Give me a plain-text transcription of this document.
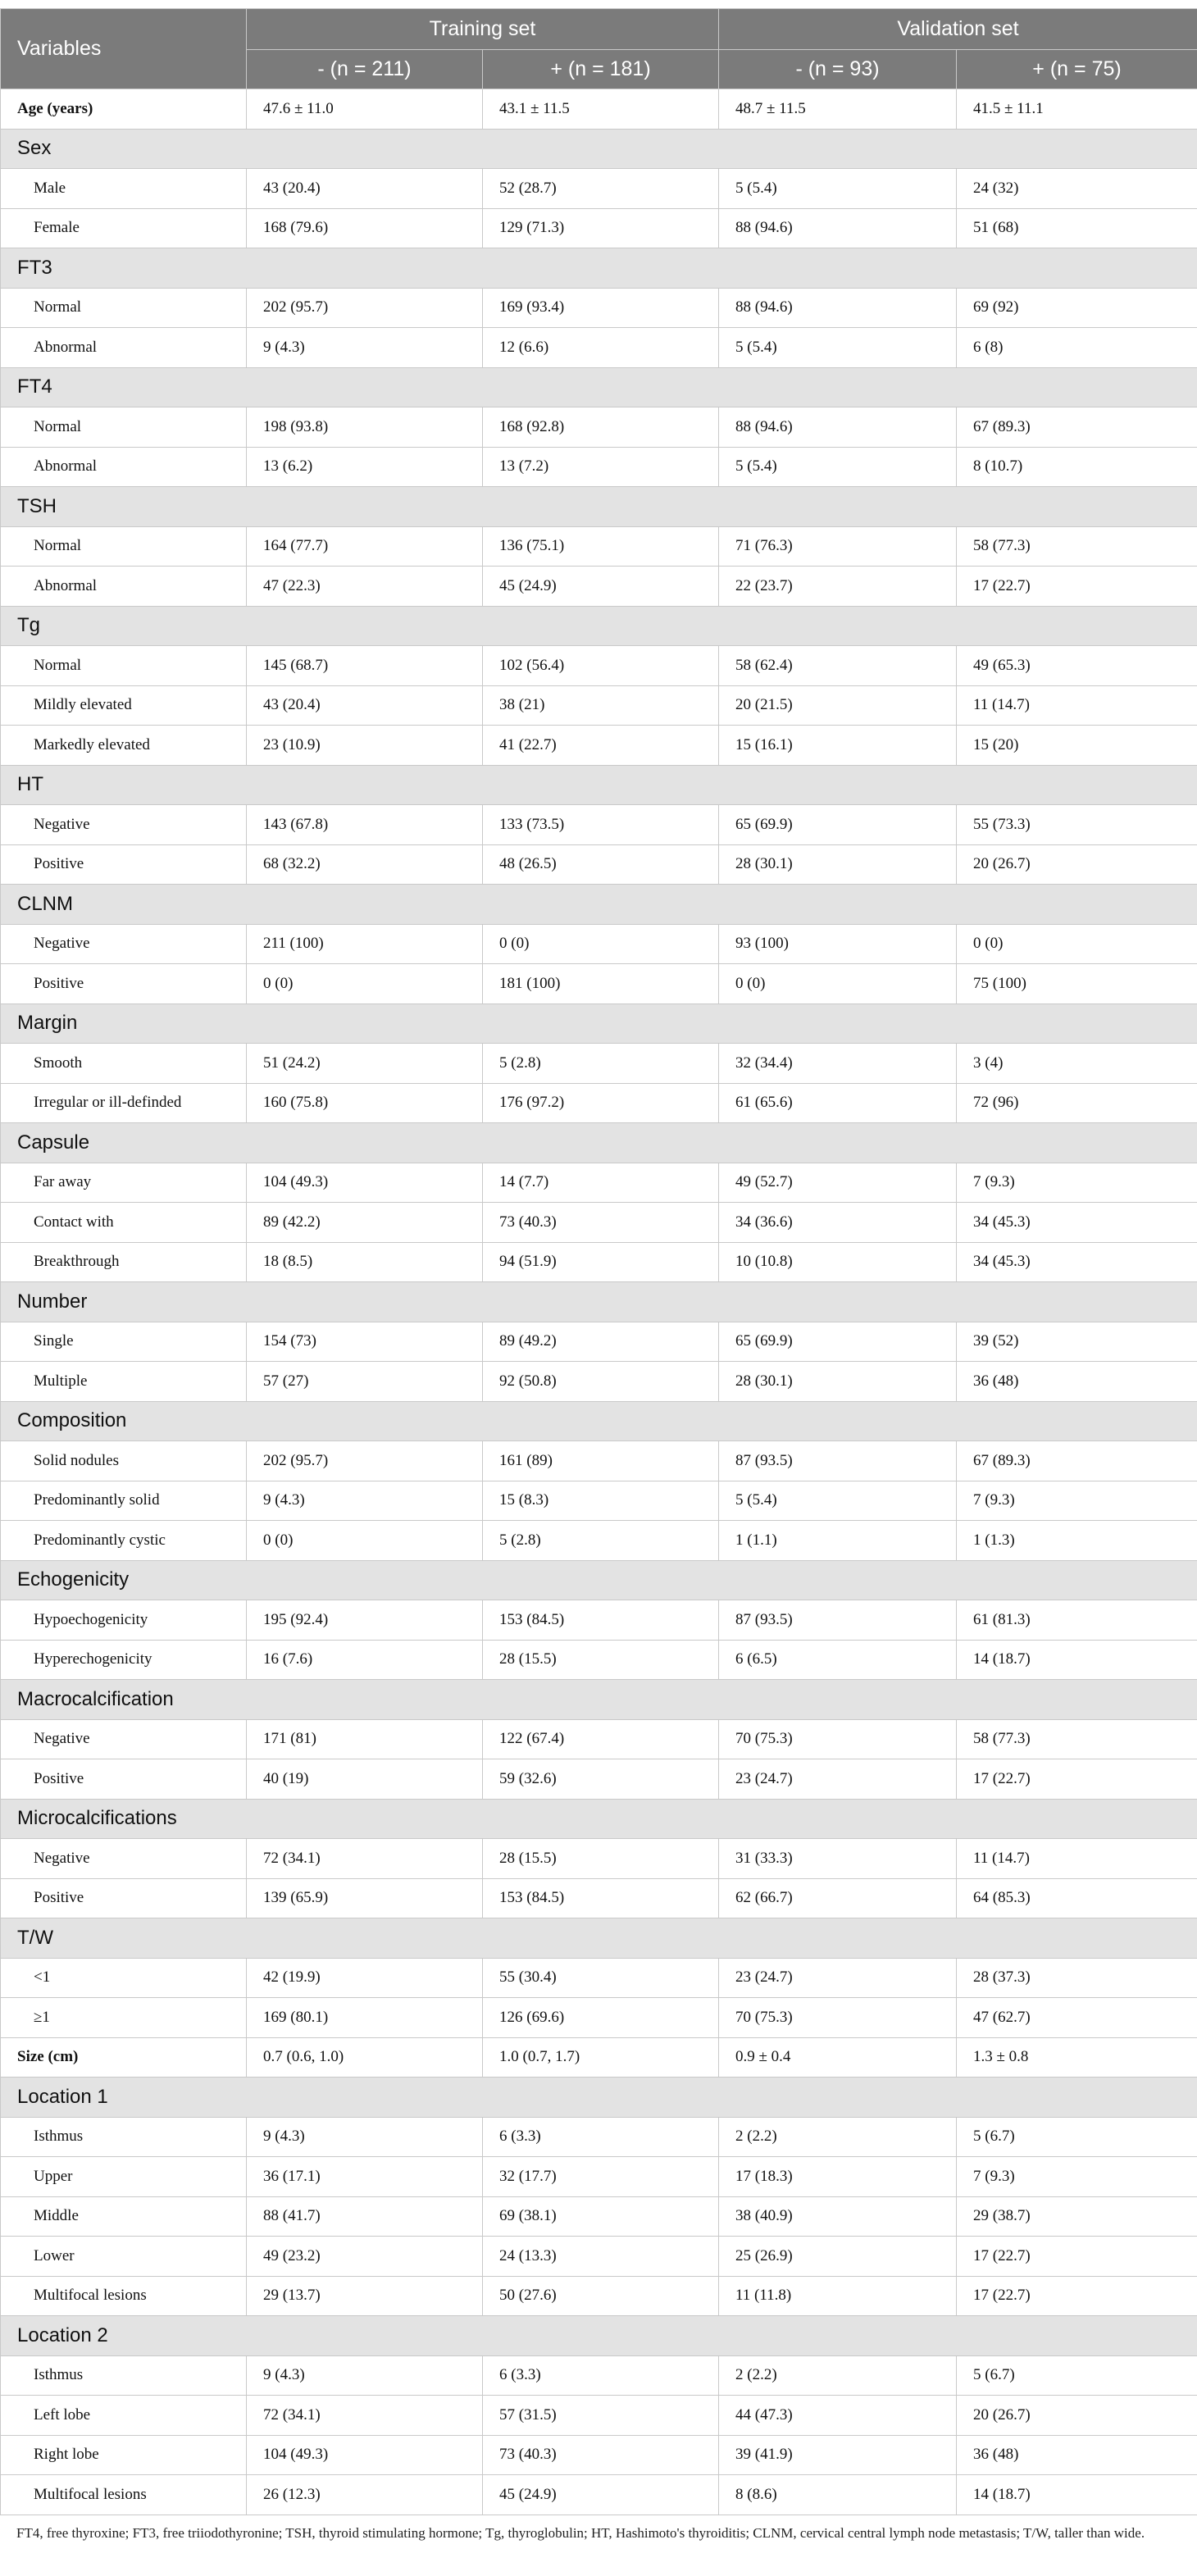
Variables	Training set		Validation set	
	- (n = 211)	+ (n = 181)	- (n = 93)	+ (n = 75)
Age (years)	47.6 ± 11.0	43.1 ± 11.5	48.7 ± 11.5	41.5 ± 11.1
Sex				
Male	43 (20.4)	52 (28.7)	5 (5.4)	24 (32)
Female	168 (79.6)	129 (71.3)	88 (94.6)	51 (68)
FT3				
Normal	202 (95.7)	169 (93.4)	88 (94.6)	69 (92)
Abnormal	9 (4.3)	12 (6.6)	5 (5.4)	6 (8)
FT4				
Normal	198 (93.8)	168 (92.8)	88 (94.6)	67 (89.3)
Abnormal	13 (6.2)	13 (7.2)	5 (5.4)	8 (10.7)
TSH				
Normal	164 (77.7)	136 (75.1)	71 (76.3)	58 (77.3)
Abnormal	47 (22.3)	45 (24.9)	22 (23.7)	17 (22.7)
Tg				
Normal	145 (68.7)	102 (56.4)	58 (62.4)	49 (65.3)
Mildly elevated	43 (20.4)	38 (21)	20 (21.5)	11 (14.7)
Markedly elevated	23 (10.9)	41 (22.7)	15 (16.1)	15 (20)
HT				
Negative	143 (67.8)	133 (73.5)	65 (69.9)	55 (73.3)
Positive	68 (32.2)	48 (26.5)	28 (30.1)	20 (26.7)
CLNM				
Negative	211 (100)	0 (0)	93 (100)	0 (0)
Positive	0 (0)	181 (100)	0 (0)	75 (100)
Margin				
Smooth	51 (24.2)	5 (2.8)	32 (34.4)	3 (4)
Irregular or ill-definded	160 (75.8)	176 (97.2)	61 (65.6)	72 (96)
Capsule				
Far away	104 (49.3)	14 (7.7)	49 (52.7)	7 (9.3)
Contact with	89 (42.2)	73 (40.3)	34 (36.6)	34 (45.3)
Breakthrough	18 (8.5)	94 (51.9)	10 (10.8)	34 (45.3)
Number				
Single	154 (73)	89 (49.2)	65 (69.9)	39 (52)
Multiple	57 (27)	92 (50.8)	28 (30.1)	36 (48)
Composition				
Solid nodules	202 (95.7)	161 (89)	87 (93.5)	67 (89.3)
Predominantly solid	9 (4.3)	15 (8.3)	5 (5.4)	7 (9.3)
Predominantly cystic	0 (0)	5 (2.8)	1 (1.1)	1 (1.3)
Echogenicity				
Hypoechogenicity	195 (92.4)	153 (84.5)	87 (93.5)	61 (81.3)
Hyperechogenicity	16 (7.6)	28 (15.5)	6 (6.5)	14 (18.7)
Macrocalcification				
Negative	171 (81)	122 (67.4)	70 (75.3)	58 (77.3)
Positive	40 (19)	59 (32.6)	23 (24.7)	17 (22.7)
Microcalcifications				
Negative	72 (34.1)	28 (15.5)	31 (33.3)	11 (14.7)
Positive	139 (65.9)	153 (84.5)	62 (66.7)	64 (85.3)
T/W				
<1	42 (19.9)	55 (30.4)	23 (24.7)	28 (37.3)
≥1	169 (80.1)	126 (69.6)	70 (75.3)	47 (62.7)
Size (cm)	0.7 (0.6, 1.0)	1.0 (0.7, 1.7)	0.9 ± 0.4	1.3 ± 0.8
Location 1				
Isthmus	9 (4.3)	6 (3.3)	2 (2.2)	5 (6.7)
Upper	36 (17.1)	32 (17.7)	17 (18.3)	7 (9.3)
Middle	88 (41.7)	69 (38.1)	38 (40.9)	29 (38.7)
Lower	49 (23.2)	24 (13.3)	25 (26.9)	17 (22.7)
Multifocal lesions	29 (13.7)	50 (27.6)	11 (11.8)	17 (22.7)
Location 2				
Isthmus	9 (4.3)	6 (3.3)	2 (2.2)	5 (6.7)
Left lobe	72 (34.1)	57 (31.5)	44 (47.3)	20 (26.7)
Right lobe	104 (49.3)	73 (40.3)	39 (41.9)	36 (48)
Multifocal lesions	26 (12.3)	45 (24.9)	8 (8.6)	14 (18.7)
FT4, free thyroxine; FT3, free triiodothyronine; TSH, thyroid stimulating hormone; Tg, thyroglobulin; HT, Hashimoto's thyroiditis; CLNM, cervical central lymph node metastasis; T/W, taller than wide.
